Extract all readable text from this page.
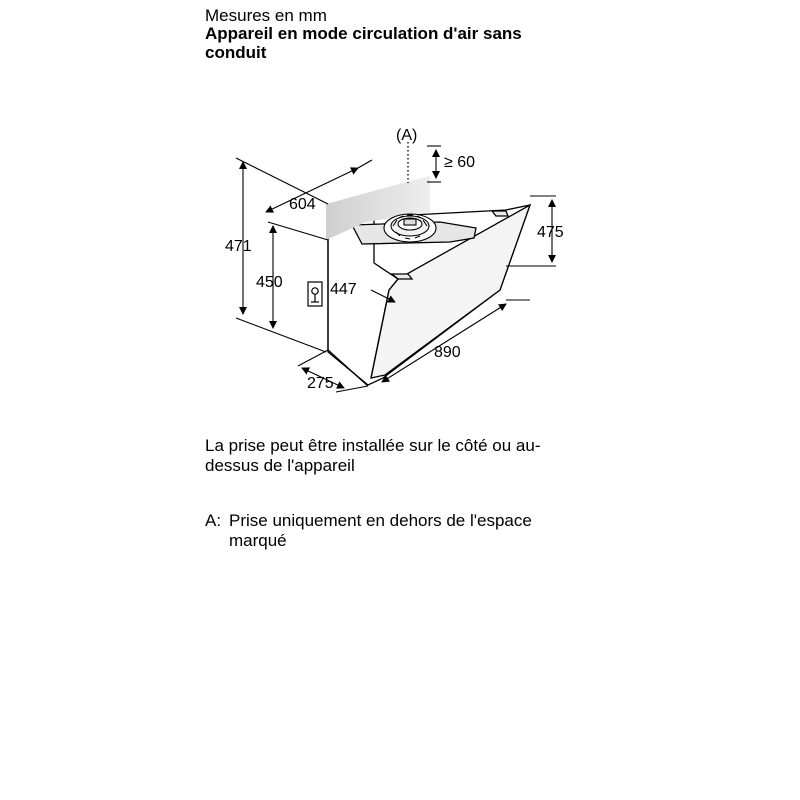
Mesures en mm
Appareil en mode circulation d'air sans conduit
(A)
≥ 60
604
471
450	447
475
890
275
La prise peut être installée sur le côté ou au-dessus de l'appareil
A: Prise uniquement en dehors de l'espace marqué
